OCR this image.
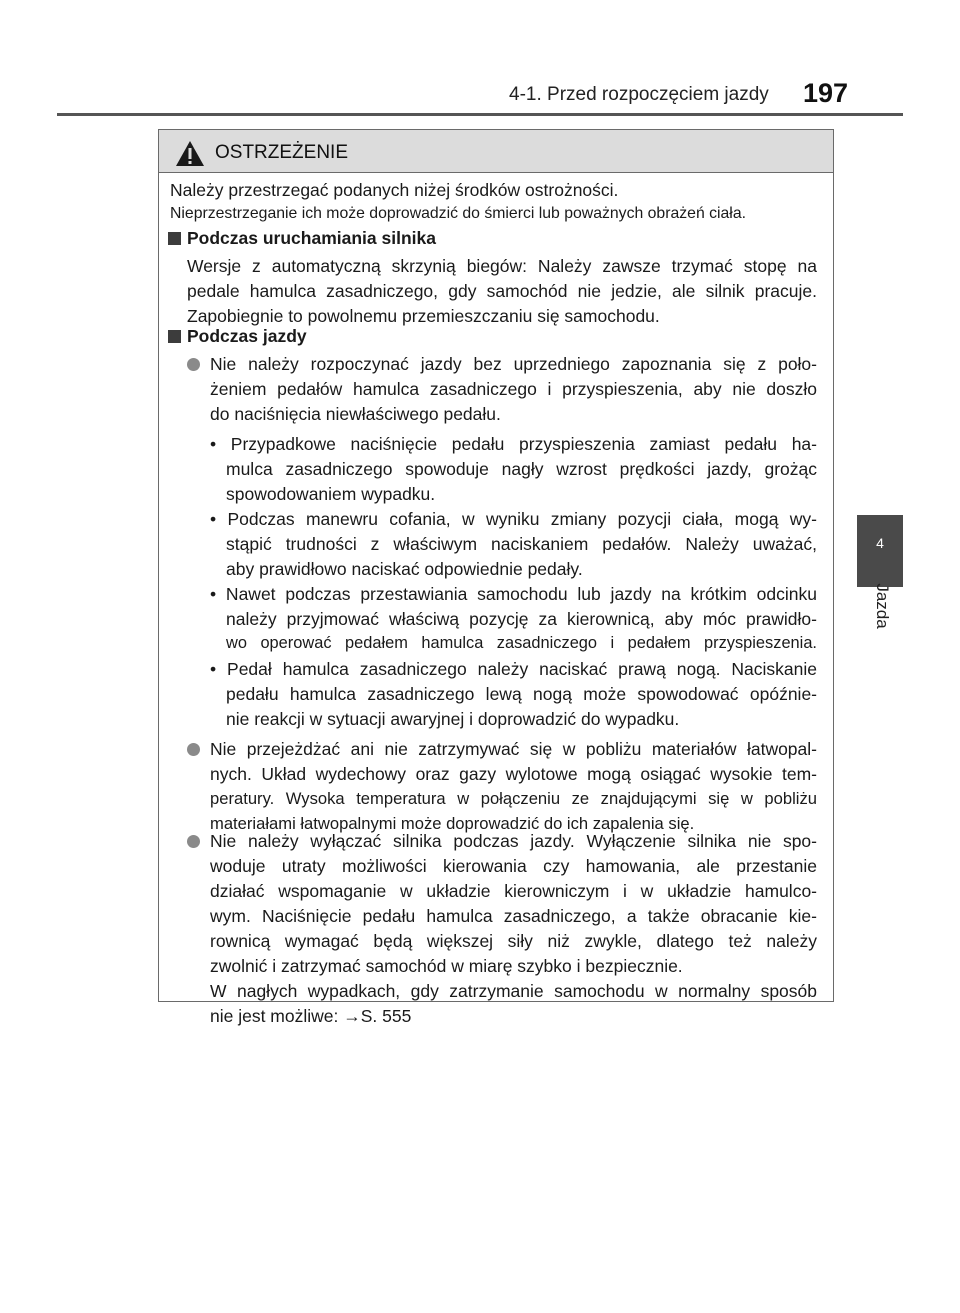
4-1. Przed rozpoczęciem jazdy 197
4
Jazda
OSTRZEŻENIE
Należy przestrzegać podanych niżej środków ostrożności.
Nieprzestrzeganie ich może doprowadzić do śmierci lub poważnych obrażeń ciała.
Podczas uruchamiania silnika
Wersje z automatyczną skrzynią biegów: Należy zawsze trzymać stopę na
pedale hamulca zasadniczego, gdy samochód nie jedzie, ale silnik pracuje.
Zapobiegnie to powolnemu przemieszczaniu się samochodu.
Podczas jazdy
Nie należy rozpoczynać jazdy bez uprzedniego zapoznania się z poło-
żeniem pedałów hamulca zasadniczego i przyspieszenia, aby nie doszło
do naciśnięcia niewłaściwego pedału.
• Przypadkowe naciśnięcie pedału przyspieszenia zamiast pedału ha-
mulca zasadniczego spowoduje nagły wzrost prędkości jazdy, grożąc
spowodowaniem wypadku.
• Podczas manewru cofania, w wyniku zmiany pozycji ciała, mogą wy-
stąpić trudności z właściwym naciskaniem pedałów. Należy uważać,
aby prawidłowo naciskać odpowiednie pedały.
• Nawet podczas przestawiania samochodu lub jazdy na krótkim odcinku
należy przyjmować właściwą pozycję za kierownicą, aby móc prawidło-
wo operować pedałem hamulca zasadniczego i pedałem przyspieszenia.
• Pedał hamulca zasadniczego należy naciskać prawą nogą. Naciskanie
pedału hamulca zasadniczego lewą nogą może spowodować opóźnie-
nie reakcji w sytuacji awaryjnej i doprowadzić do wypadku.
Nie przejeżdżać ani nie zatrzymywać się w pobliżu materiałów łatwopal-
nych. Układ wydechowy oraz gazy wylotowe mogą osiągać wysokie tem-
peratury. Wysoka temperatura w połączeniu ze znajdującymi się w pobliżu
materiałami łatwopalnymi może doprowadzić do ich zapalenia się.
Nie należy wyłączać silnika podczas jazdy. Wyłączenie silnika nie spo-
woduje utraty możliwości kierowania czy hamowania, ale przestanie
działać wspomaganie w układzie kierowniczym i w układzie hamulco-
wym. Naciśnięcie pedału hamulca zasadniczego, a także obracanie kie-
rownicą wymagać będą większej siły niż zwykle, dlatego też należy
zwolnić i zatrzymać samochód w miarę szybko i bezpiecznie.
W nagłych wypadkach, gdy zatrzymanie samochodu w normalny sposób
nie jest możliwe: →S. 555
